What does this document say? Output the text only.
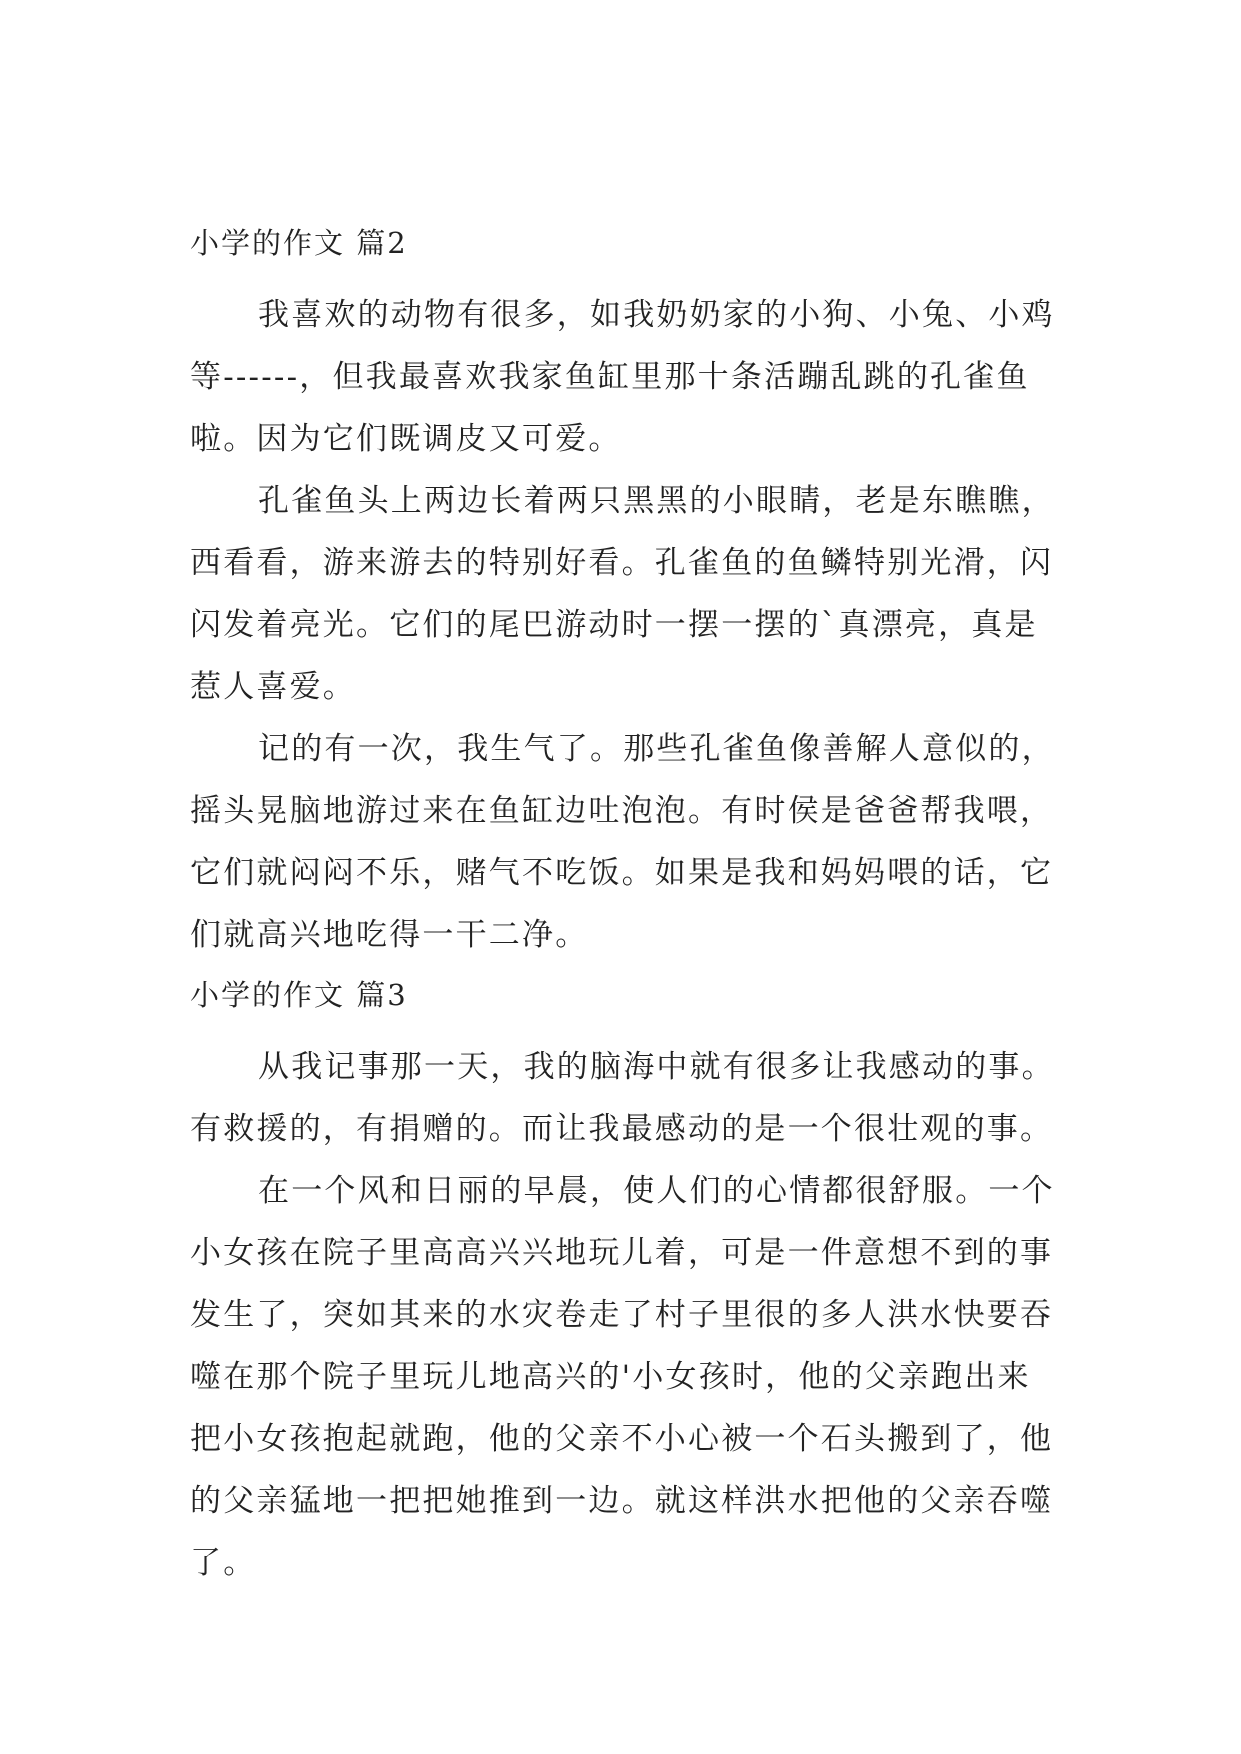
小学的作文 篇2

我喜欢的动物有很多，如我奶奶家的小狗、小兔、小鸡

等------，但我最喜欢我家鱼缸里那十条活蹦乱跳的孔雀鱼

啦。因为它们既调皮又可爱。

孔雀鱼头上两边长着两只黑黑的小眼睛，老是东瞧瞧，

西看看，游来游去的特别好看。孔雀鱼的鱼鳞特别光滑，闪

闪发着亮光。它们的尾巴游动时一摆一摆的`真漂亮，真是

惹人喜爱。

记的有一次，我生气了。那些孔雀鱼像善解人意似的，

摇头晃脑地游过来在鱼缸边吐泡泡。有时侯是爸爸帮我喂，

它们就闷闷不乐，赌气不吃饭。如果是我和妈妈喂的话，它

们就高兴地吃得一干二净。

小学的作文 篇3

从我记事那一天，我的脑海中就有很多让我感动的事。

有救援的，有捐赠的。而让我最感动的是一个很壮观的事。

在一个风和日丽的早晨，使人们的心情都很舒服。一个

小女孩在院子里高高兴兴地玩儿着，可是一件意想不到的事

发生了，突如其来的水灾卷走了村子里很的多人洪水快要吞

噬在那个院子里玩儿地高兴的'小女孩时，他的父亲跑出来

把小女孩抱起就跑，他的父亲不小心被一个石头搬到了，他

的父亲猛地一把把她推到一边。就这样洪水把他的父亲吞噬

了。
